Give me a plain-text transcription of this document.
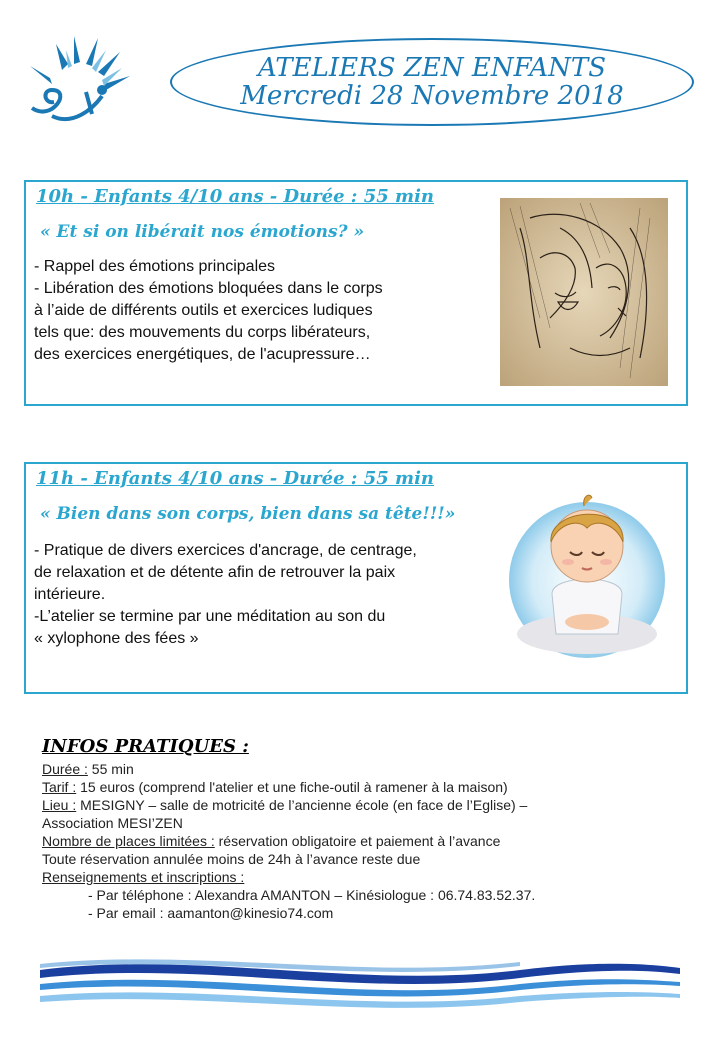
ATELIERS ZEN ENFANTS
Mercredi 28 Novembre 2018
10h - Enfants 4/10 ans - Durée : 55 min
« Et si on libérait nos émotions? »
- Rappel des émotions principales
- Libération des émotions bloquées dans le corps
à l’aide de différents outils et exercices ludiques
tels que: des mouvements du corps libérateurs,
des exercices energétiques, de l'acupressure…
11h - Enfants 4/10 ans - Durée : 55 min
« Bien dans son corps, bien dans sa tête!!!»
- Pratique de divers exercices d'ancrage, de centrage,
de relaxation et de détente afin de retrouver la paix
intérieure.
-L’atelier se termine par une méditation au son du
« xylophone des fées »
INFOS PRATIQUES :
Durée : 55 min
Tarif : 15 euros (comprend l'atelier et une fiche-outil à ramener à la maison)
Lieu : MESIGNY – salle de motricité de l’ancienne école (en face de l’Eglise) –
Association MESI’ZEN
Nombre de places limitées : réservation obligatoire et paiement à l’avance
Toute réservation annulée moins de 24h à l’avance reste due
Renseignements et inscriptions :
- Par téléphone : Alexandra AMANTON – Kinésiologue : 06.74.83.52.37.
- Par email : aamanton@kinesio74.com
